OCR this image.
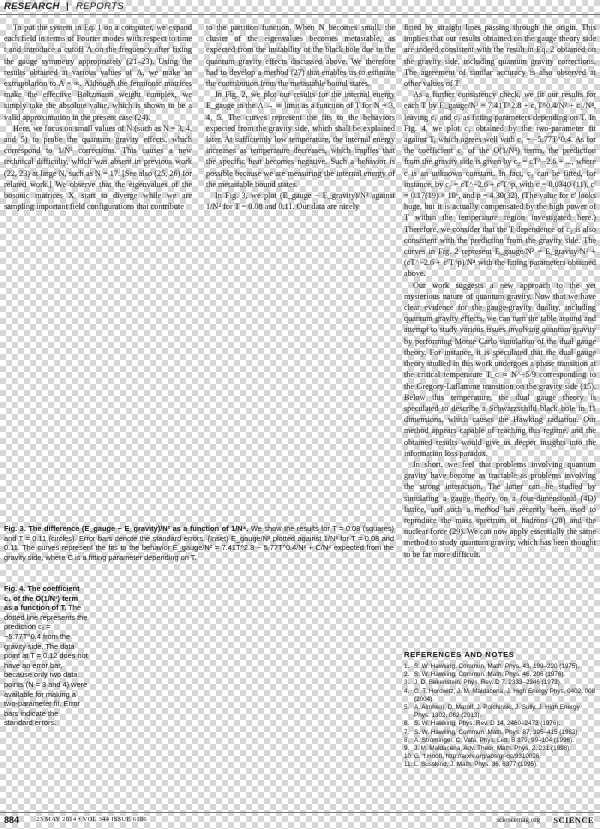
RESEARCH | REPORTS

To put the system in Eq. 1 on a computer, we expand each field in terms of Fourier modes with respect to time t and introduce a cutoff Λ on the frequency after fixing the gauge symmetry appropriately (21–23). Using the results obtained at various values of Λ, we make an extrapolation to Λ = ∞. Although the fermionic matrices make the effective Boltzmann weight complex, we simply take the absolute value, which is shown to be a valid approximation in the present case (24).

Here, we focus on small values of N (such as N = 3, 4, and 5) to probe the quantum gravity effects, which correspond to 1/N² corrections. This causes a new technical difficulty, which was absent in previous work (22, 23) at large N, such as N = 17. [See also (25, 26) for related work.] We observe that the eigenvalues of the bosonic matrices Xᵢ start to diverge while we are sampling important field configurations that contribute

to the partition function. When N becomes small, the cluster of the eigenvalues becomes metastable, as expected from the instability of the black hole due to the quantum gravity effects discussed above. We therefore had to develop a method (27) that enables us to estimate the contribution from the metastable bound states.

In Fig. 2, we plot our results for the internal energy E_gauge in the Λ → ∞ limit as a function of T for N = 3, 4, 5. The curves represent the fits to the behaviors expected from the gravity side, which shall be explained later. At sufficiently low temperature, the internal energy increases as temperature decreases, which implies that the specific heat becomes negative. Such a behavior is possible because we are measuring the internal energy of the metastable bound states.

In Fig. 3, we plot (E_gauge − E_gravity)/N² against 1/N⁴ for T = 0.08 and 0.11. Our data are nicely

fitted by straight lines passing through the origin. This implies that our results obtained on the gauge theory side are indeed consistent with the result in Eq. 2 obtained on the gravity side, including quantum gravity corrections. The agreement of similar accuracy is also observed at other values of T.

As a further consistency check, we fit our results for each T by E_gauge/N² = 7.41T^2.8 + c₁T^0.4/N² + c₂/N⁴, leaving c₁ and c₂ as fitting parameters depending on T. In Fig. 4, we plot c₁ obtained by the two-parameter fit against T, which agrees well with c₁ = −5.77T^0.4. As for the coefficient c₂ of the O(1/N⁴) terms, the prediction from the gravity side is given by c₂ = cT^−2.6 + ..., where c is an unknown constant. In fact, c₂ can be fitted, for instance, by c₂ = cT^−2.6 + c′T^p, with c = 0.0340 (11), c′ = 0.17(19) × 10⁶, and p = 4.30(32). (The value for c′ looks huge, but it is actually compensated by the high power of T within the temperature region investigated here.) Therefore, we consider that the T dependence of c₂ is also consistent with the prediction from the gravity side. The curves in Fig. 2 represent E_gauge/N² = E_gravity/N² + (cT^−2.6 + c′T^p)/N⁴ with the fitting parameters obtained above.

Our work suggests a new approach to the yet mysterious nature of quantum gravity. Now that we have clear evidence for the gauge-gravity duality, including quantum gravity effects, we can turn the table around and attempt to study various issues involving quantum gravity by performing Monte Carlo simulation of the dual gauge theory. For instance, it is speculated that the dual gauge theory studied in this work undergoes a phase transition at the critical temperature T_c ∝ N^−5/9 corresponding to the Gregory-Laflamme transition on the gravity side (15). Below this temperature, the dual gauge theory is speculated to describe a Schwarzschild black hole in 11 dimensions, which causes the Hawking radiation. Our method appears capable of reaching this regime, and the obtained results would give us deeper insights into the information loss paradox.

In short, we feel that problems involving quantum gravity have become as tractable as problems involving the strong interaction. The latter can be studied by simulating a gauge theory on a four-dimensional (4D) lattice, and such a method has recently been used to reproduce the mass spectrum of hadrons (28) and the nuclear force (29). We can now apply essentially the same method to study quantum gravity, which has been thought to be far more difficult.

Fig. 3. The difference (E_gauge − E_gravity)/N² as a function of 1/N⁴. We show the results for T = 0.08 (squares) and T = 0.11 (circles). Error bars denote the standard errors. (Inset) E_gauge/N² plotted against 1/N² for T = 0.08 and 0.11. The curves represent the fits to the behavior E_gauge/N² = 7.41T^2.8 − 5.77T^0.4/N² + C/N⁴ expected from the gravity side, where C is a fitting parameter depending on T.
Fig. 4. The coefficient c₁ of the O(1/N²) term as a function of T. The dotted line represents the prediction c₁ = −5.77T^0.4 from the gravity side. The data point at T = 0.12 does not have an error bar, because only two data points (N = 3 and 4) were available for making a two-parameter fit. Error bars indicate the standard errors.
REFERENCES AND NOTES
1. S. W. Hawking, Commun. Math. Phys. 43, 199–220 (1975).
2. S. W. Hawking, Commun. Math. Phys. 46, 206 (1976).
3. J. D. Bekenstein, Phys. Rev. D 7, 2333–2346 (1973).
4. G. T. Horowitz, J. M. Maldacena, J. High Energy Phys. 0402, 008 (2004).
5. A. Almheiri, D. Marolf, J. Polchinski, J. Sully, J. High Energy Phys. 1302, 062 (2013).
6. S. W. Hawking, Phys. Rev. D 14, 2460–2473 (1976).
7. S. W. Hawking, Commun. Math. Phys. 87, 395–415 (1982).
8. A. Strominger, C. Vafa, Phys. Lett. B 379, 99–104 (1996).
9. J. M. Maldacena, Adv. Theor. Math. Phys. 2, 231 (1998).
10. G. 't Hooft, http://arxiv.org/abs/gr-qc/9310026.
11. L. Susskind, J. Math. Phys. 36, 6377 (1995).
884	23 MAY 2014 • VOL 344 ISSUE 6186	sciencemag.org SCIENCE
